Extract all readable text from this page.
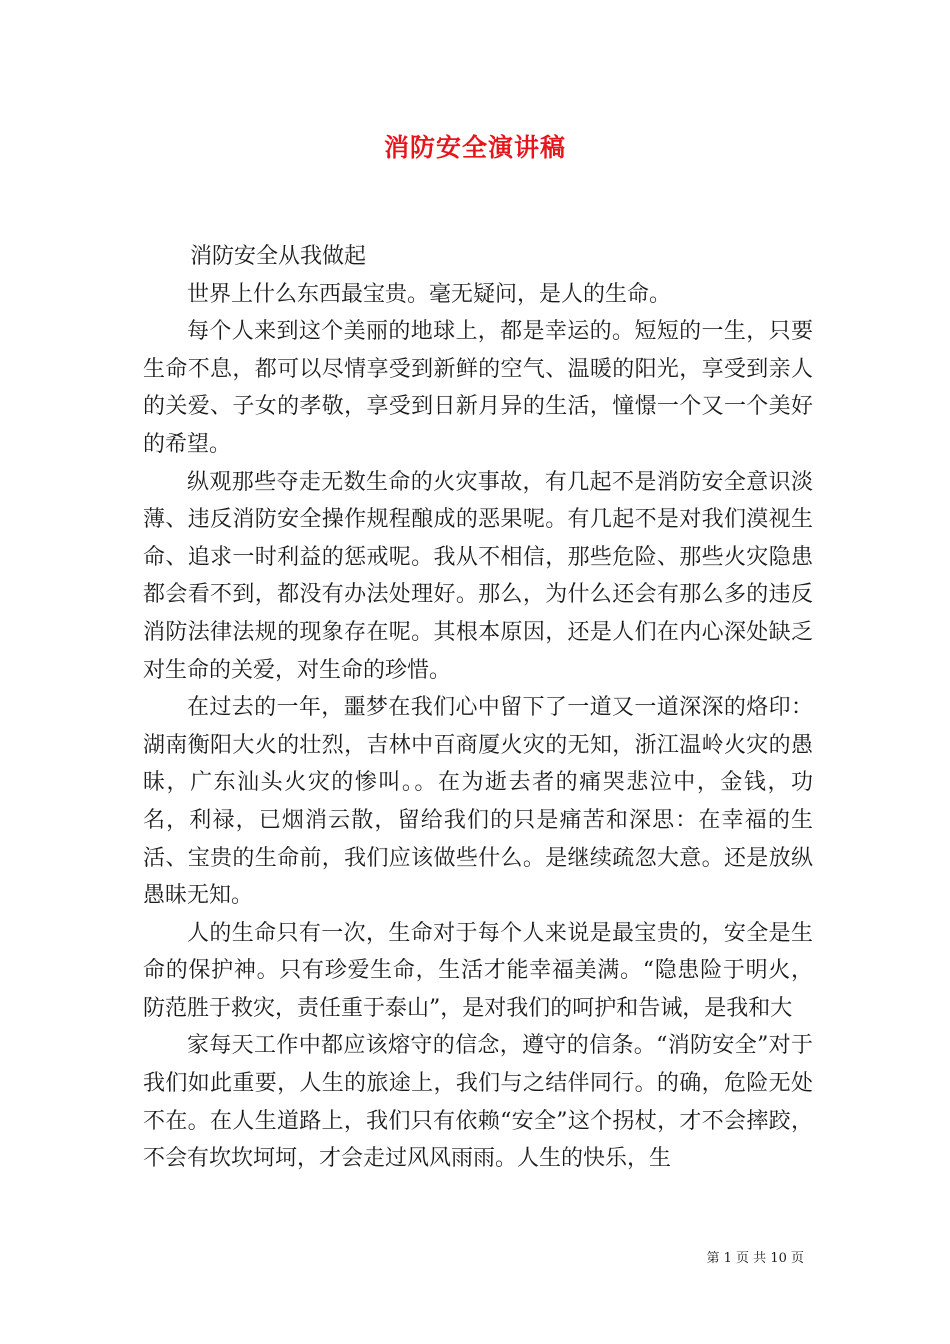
消防安全演讲稿

消防安全从我做起

世界上什么东西最宝贵。毫无疑问，是人的生命。

每个人来到这个美丽的地球上，都是幸运的。短短的一生，只要生命不息，都可以尽情享受到新鲜的空气、温暖的阳光，享受到亲人的关爱、子女的孝敬，享受到日新月异的生活，憧憬一个又一个美好的希望。

纵观那些夺走无数生命的火灾事故，有几起不是消防安全意识淡薄、违反消防安全操作规程酿成的恶果呢。有几起不是对我们漠视生命、追求一时利益的惩戒呢。我从不相信，那些危险、那些火灾隐患都会看不到，都没有办法处理好。那么，为什么还会有那么多的违反消防法律法规的现象存在呢。其根本原因，还是人们在内心深处缺乏对生命的关爱，对生命的珍惜。

在过去的一年，噩梦在我们心中留下了一道又一道深深的烙印：湖南衡阳大火的壮烈，吉林中百商厦火灾的无知，浙江温岭火灾的愚昧，广东汕头火灾的惨叫。。在为逝去者的痛哭悲泣中，金钱，功名，利禄，已烟消云散，留给我们的只是痛苦和深思：在幸福的生活、宝贵的生命前，我们应该做些什么。是继续疏忽大意。还是放纵愚昧无知。

人的生命只有一次，生命对于每个人来说是最宝贵的，安全是生命的保护神。只有珍爱生命，生活才能幸福美满。“隐患险于明火，防范胜于救灾，责任重于泰山”，是对我们的呵护和告诫，是我和大

家每天工作中都应该熔守的信念，遵守的信条。“消防安全”对于我们如此重要，人生的旅途上，我们与之结伴同行。的确，危险无处不在。在人生道路上，我们只有依赖“安全”这个拐杖，才不会摔跤，不会有坎坎坷坷，才会走过风风雨雨。人生的快乐，生

第 1 页 共 10 页
